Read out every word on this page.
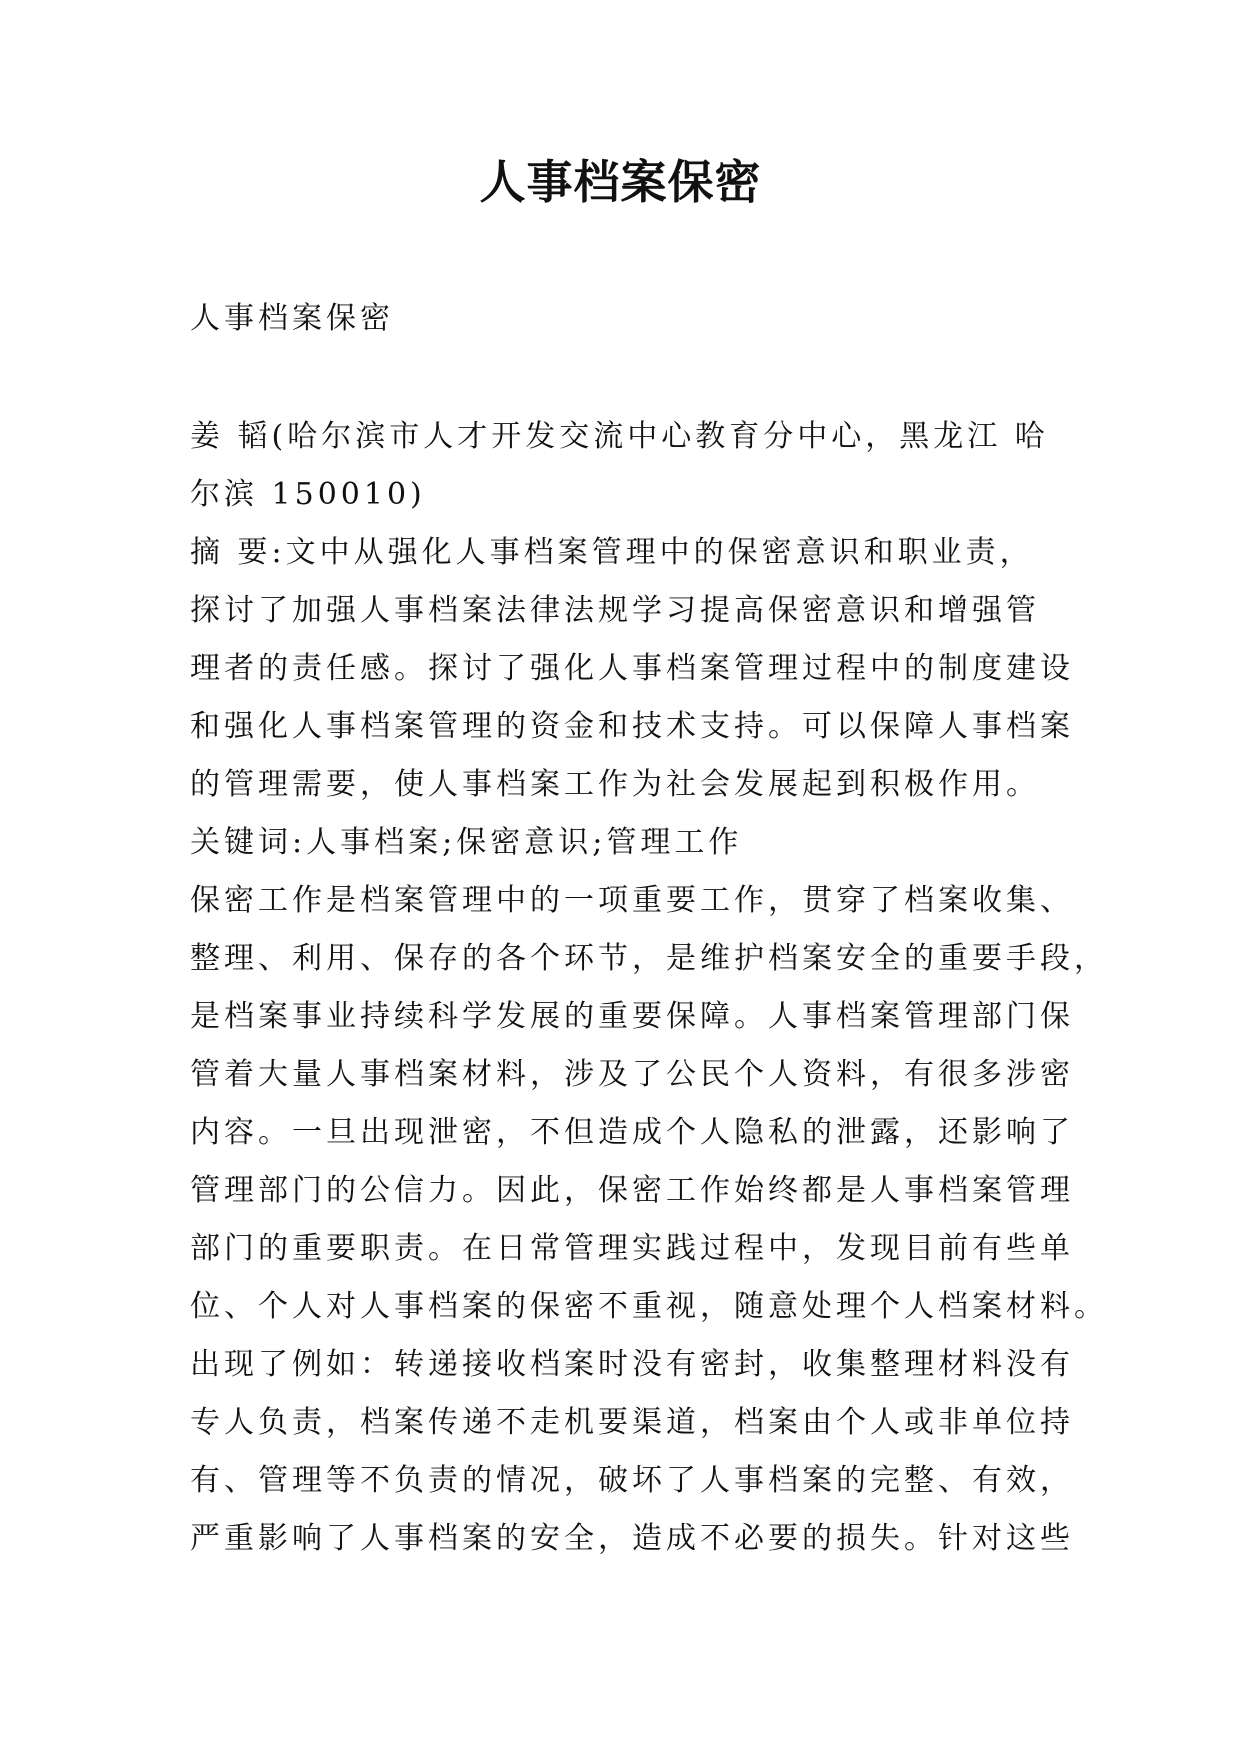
人事档案保密

人事档案保密

姜 韬(哈尔滨市人才开发交流中心教育分中心，黑龙江 哈

尔滨 150010)

摘 要:文中从强化人事档案管理中的保密意识和职业责，

探讨了加强人事档案法律法规学习提高保密意识和增强管

理者的责任感。探讨了强化人事档案管理过程中的制度建设

和强化人事档案管理的资金和技术支持。可以保障人事档案

的管理需要，使人事档案工作为社会发展起到积极作用。

关键词:人事档案;保密意识;管理工作

保密工作是档案管理中的一项重要工作，贯穿了档案收集、

整理、利用、保存的各个环节，是维护档案安全的重要手段，

是档案事业持续科学发展的重要保障。人事档案管理部门保

管着大量人事档案材料，涉及了公民个人资料，有很多涉密

内容。一旦出现泄密，不但造成个人隐私的泄露，还影响了

管理部门的公信力。因此，保密工作始终都是人事档案管理

部门的重要职责。在日常管理实践过程中，发现目前有些单

位、个人对人事档案的保密不重视，随意处理个人档案材料。

出现了例如：转递接收档案时没有密封，收集整理材料没有

专人负责，档案传递不走机要渠道，档案由个人或非单位持

有、管理等不负责的情况，破坏了人事档案的完整、有效，

严重影响了人事档案的安全，造成不必要的损失。针对这些
